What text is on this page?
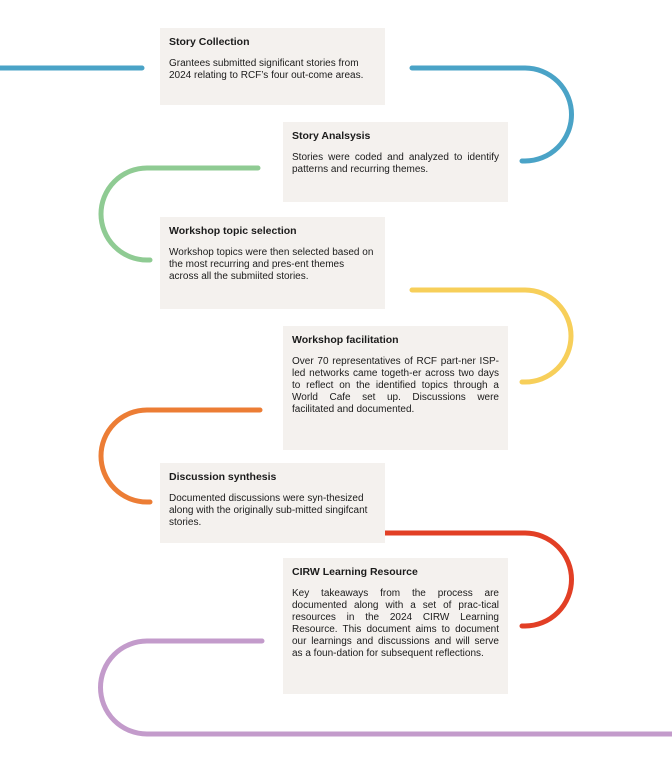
Story Collection

Grantees submitted significant stories from 2024 relating to RCF’s four out-come areas.

Story Analsysis

Stories were coded and analyzed to identify patterns and recurring themes.

Workshop topic selection

Workshop topics were then selected based on the most recurring and pres-ent themes across all the submiited stories.

Workshop facilitation

Over 70 representatives of RCF part-ner ISP-led networks came togeth-er across two days to reflect on the identified topics through a World Cafe set up. Discussions were facilitated and documented.

Discussion synthesis

Documented discussions were syn-thesized along with the originally sub-mitted singifcant stories.

CIRW Learning Resource

Key takeaways from the process are documented along with a set of prac-tical resources in the 2024 CIRW Learning Resource. This document aims to document our learnings and discussions and will serve as a foun-dation for subsequent reflections.
